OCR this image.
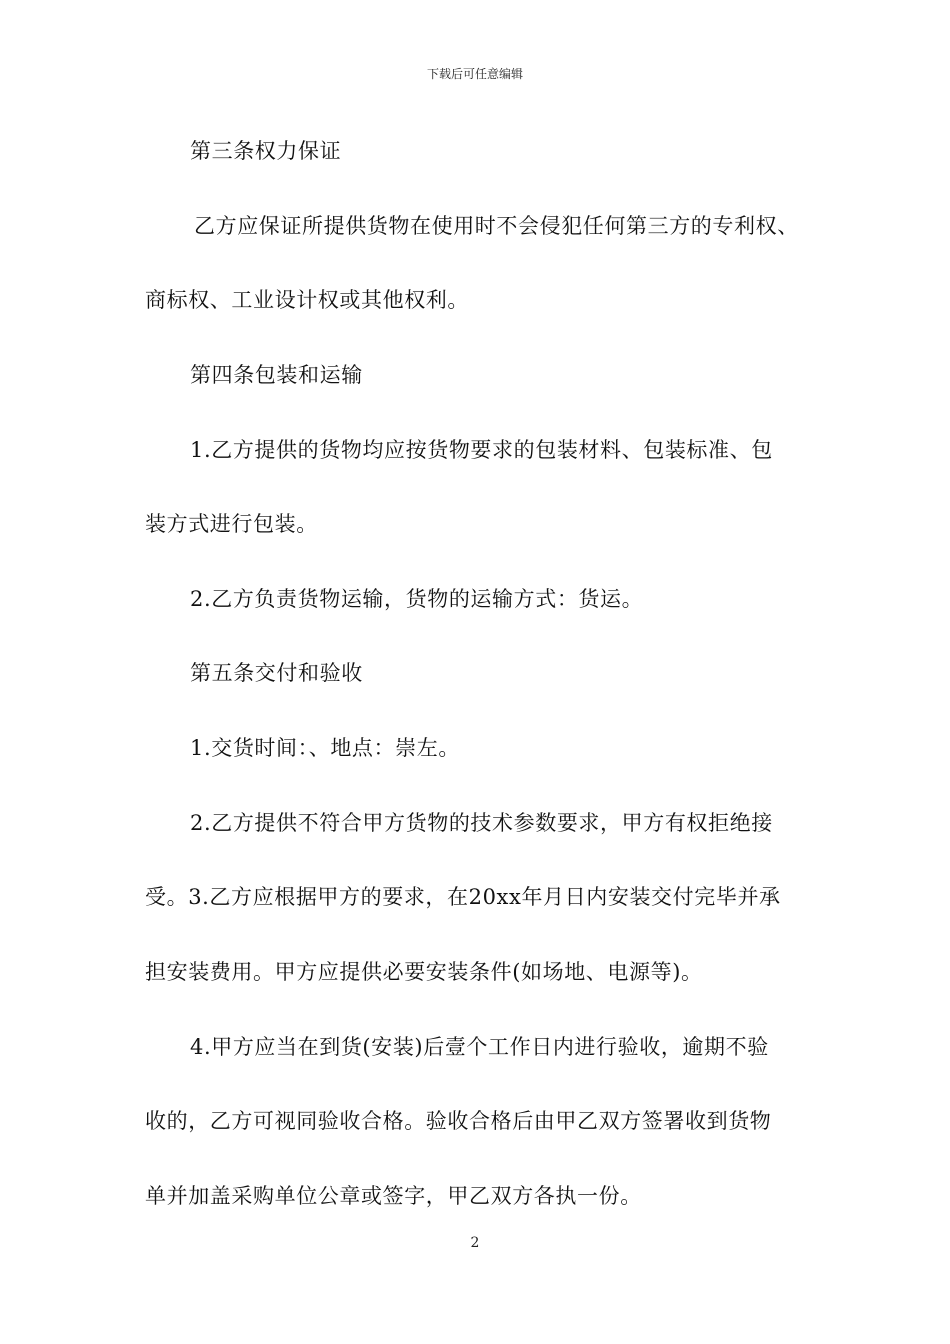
下载后可任意编辑
第三条权力保证
乙方应保证所提供货物在使用时不会侵犯任何第三方的专利权、
商标权、工业设计权或其他权利。
第四条包装和运输
1.乙方提供的货物均应按货物要求的包装材料、包装标准、包
装方式进行包装。
2.乙方负责货物运输，货物的运输方式：货运。
第五条交付和验收
1.交货时间：、地点：崇左。
2.乙方提供不符合甲方货物的技术参数要求，甲方有权拒绝接
受。3.乙方应根据甲方的要求，在20xx年月日内安装交付完毕并承
担安装费用。甲方应提供必要安装条件(如场地、电源等)。
4.甲方应当在到货(安装)后壹个工作日内进行验收，逾期不验
收的，乙方可视同验收合格。验收合格后由甲乙双方签署收到货物
单并加盖采购单位公章或签字，甲乙双方各执一份。
2
